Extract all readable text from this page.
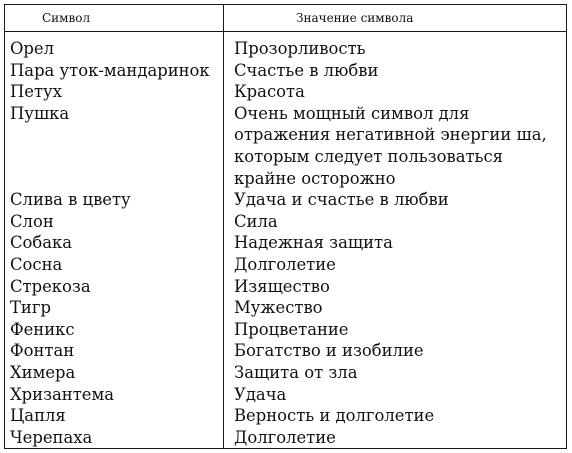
Символ	Значение символа
Орел
Пара уток-мандаринок
Петух
Пушка

Слива в цвету
Слон
Собака
Сосна
Стрекоза
Тигр
Феникс
Фонтан
Химера
Хризантема
Цапля
Черепаха
Прозорливость
Счастье в любви
Красота
Очень мощный символ для
отражения негативной энергии ша,
которым следует пользоваться
крайне осторожно
Удача и счастье в любви
Сила
Надежная защита
Долголетие
Изящество
Мужество
Процветание
Богатство и изобилие
Защита от зла
Удача
Верность и долголетие
Долголетие
